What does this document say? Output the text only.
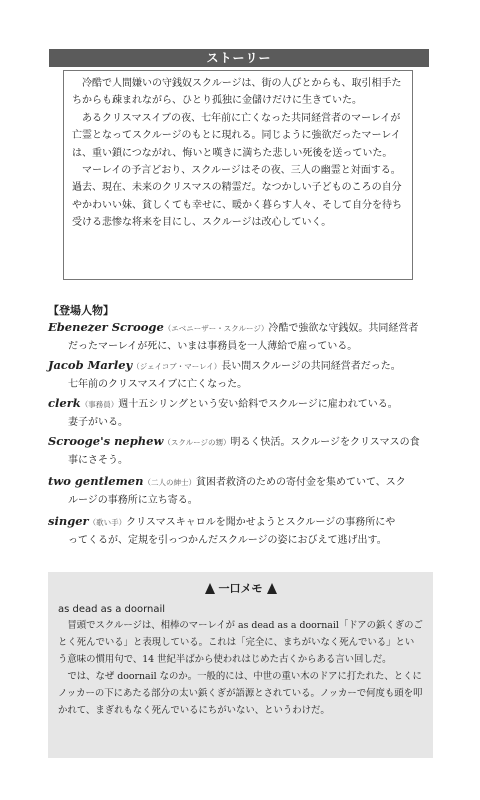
ストーリー

冷酷で人間嫌いの守銭奴スクルージは、街の人びとからも、取引相手たちからも疎まれながら、ひとり孤独に金儲けだけに生きていた。

あるクリスマスイブの夜、七年前に亡くなった共同経営者のマーレイが亡霊となってスクルージのもとに現れる。同じように強欲だったマーレイは、重い鎖につながれ、悔いと嘆きに満ちた悲しい死後を送っていた。

マーレイの予言どおり、スクルージはその夜、三人の幽霊と対面する。過去、現在、未来のクリスマスの精霊だ。なつかしい子どものころの自分やかわいい妹、貧しくても幸せに、暖かく暮らす人々、そして自分を待ち受ける悲惨な将来を目にし、スクルージは改心していく。

【登場人物】
Ebenezer Scrooge（エベニーザー・スクルージ）冷酷で強欲な守銭奴。共同経営者
だったマーレイが死に、いまは事務員を一人薄給で雇っている。
Jacob Marley（ジェイコブ・マーレイ）長い間スクルージの共同経営者だった。
七年前のクリスマスイブに亡くなった。
clerk（事務員）週十五シリングという安い給料でスクルージに雇われている。
妻子がいる。
Scrooge's nephew（スクルージの甥）明るく快活。スクルージをクリスマスの食
事にさそう。
two gentlemen（二人の紳士）貧困者救済のための寄付金を集めていて、スク
ルージの事務所に立ち寄る。
singer（歌い手）クリスマスキャロルを聞かせようとスクルージの事務所にや
ってくるが、定規を引っつかんだスクルージの姿におびえて逃げ出す。
一口メモ
as dead as a doornail

冒頭でスクルージは、相棒のマーレイが as dead as a doornail「ドアの鋲くぎのごとく死んでいる」と表現している。これは「完全に、まちがいなく死んでいる」という意味の慣用句で、14 世紀半ばから使われはじめた古くからある言い回しだ。

では、なぜ doornail なのか。一般的には、中世の重い木のドアに打たれた、とくにノッカーの下にあたる部分の太い鋲くぎが語源とされている。ノッカーで何度も頭を叩かれて、まぎれもなく死んでいるにちがいない、というわけだ。
